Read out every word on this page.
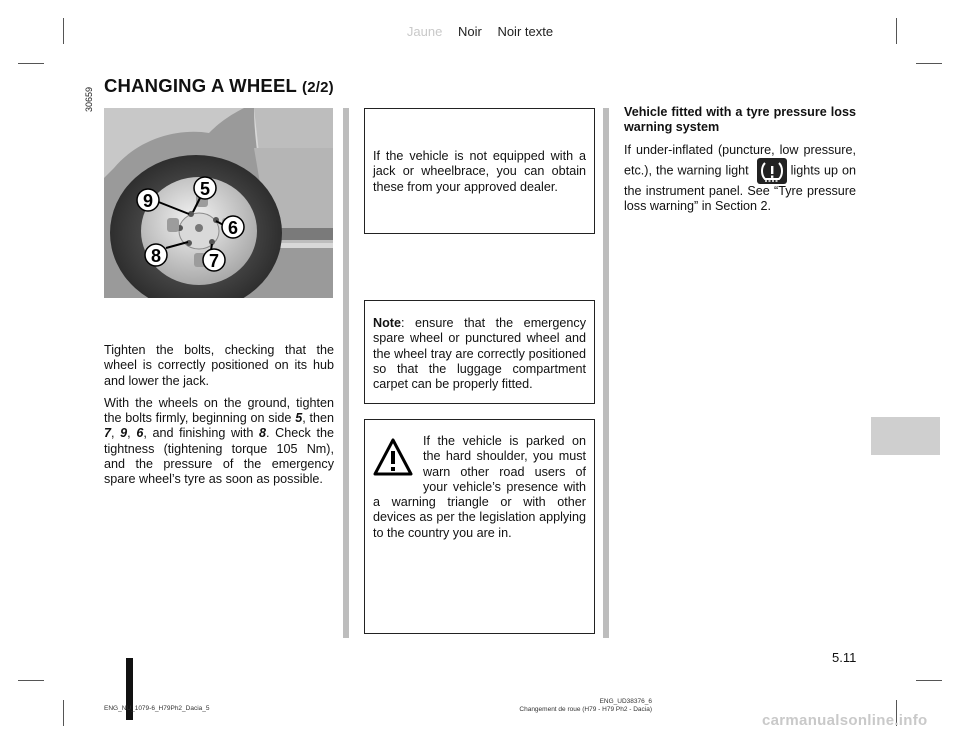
Jaune Noir Noir texte
CHANGING A WHEEL (2/2)
30659
9
5
6
7
8

Tighten the bolts, checking that the wheel is correctly positioned on its hub and lower the jack.

With the wheels on the ground, tighten the bolts firmly, beginning on side 5, then 7, 9, 6, and finishing with 8. Check the tightness (tightening torque 105 Nm), and the pressure of the emergency spare wheel’s tyre as soon as possible.

If the vehicle is not equipped with a jack or wheelbrace, you can obtain these from your approved dealer.
Note: ensure that the emergency spare wheel or punctured wheel and the wheel tray are correctly positioned so that the luggage compartment carpet can be properly fitted.
If the vehicle is parked on the hard shoulder, you must warn other road users of your vehicle’s presence with a warning triangle or with other devices as per the legislation applying to the country you are in.

Vehicle fitted with a tyre pressure loss warning system

If under-inflated (puncture, low pressure, etc.), the warning light	lights up on the instrument panel. See “Tyre pressure loss warning” in Section 2.

5.11
ENG_NU_1079-6_H79Ph2_Dacia_5
ENG_UD38376_6
Changement de roue (H79 - H79 Ph2 - Dacia)
carmanualsonline.info
